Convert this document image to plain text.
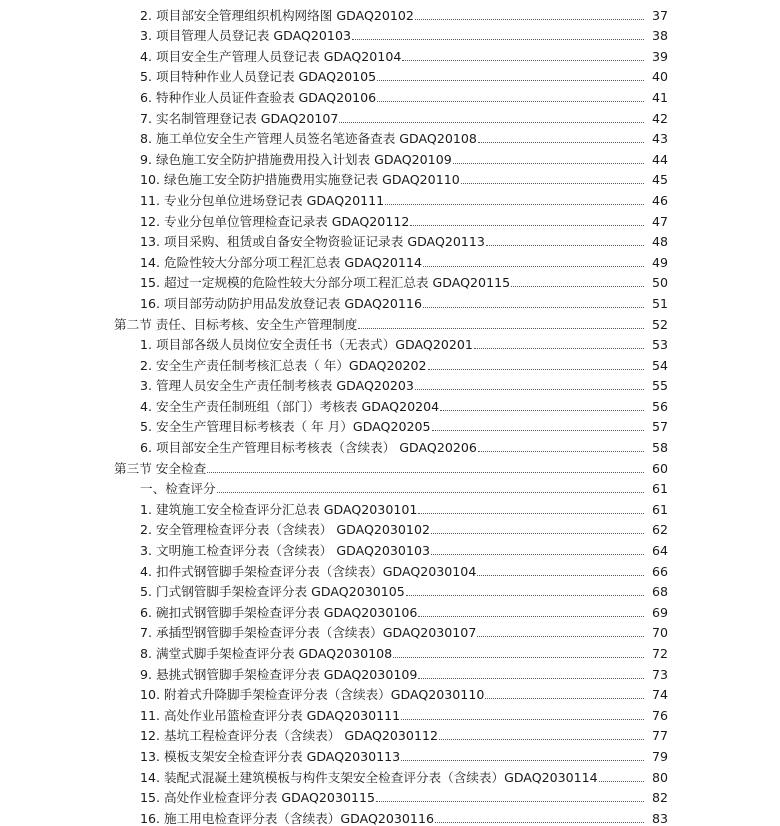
2. 项目部安全管理组织机构网络图 GDAQ20102	37
3. 项目管理人员登记表 GDAQ20103	38
4. 项目安全生产管理人员登记表 GDAQ20104	39
5. 项目特种作业人员登记表 GDAQ20105	40
6. 特种作业人员证件查验表 GDAQ20106	41
7. 实名制管理登记表 GDAQ20107	42
8. 施工单位安全生产管理人员签名笔迹备查表 GDAQ20108	43
9. 绿色施工安全防护措施费用投入计划表 GDAQ20109	44
10. 绿色施工安全防护措施费用实施登记表 GDAQ20110	45
11. 专业分包单位进场登记表 GDAQ20111	46
12. 专业分包单位管理检查记录表 GDAQ20112	47
13. 项目采购、租赁或自备安全物资验证记录表 GDAQ20113	48
14. 危险性较大分部分项工程汇总表 GDAQ20114	49
15. 超过一定规模的危险性较大分部分项工程汇总表 GDAQ20115	50
16. 项目部劳动防护用品发放登记表 GDAQ20116	51
第二节 责任、目标考核、安全生产管理制度	52
1. 项目部各级人员岗位安全责任书（无表式）GDAQ20201	53
2. 安全生产责任制考核汇总表（ 年）GDAQ20202	54
3. 管理人员安全生产责任制考核表 GDAQ20203	55
4. 安全生产责任制班组（部门）考核表 GDAQ20204	56
5. 安全生产管理目标考核表（ 年 月）GDAQ20205	57
6. 项目部安全生产管理目标考核表（含续表） GDAQ20206	58
第三节 安全检查	60
一、检查评分	61
1. 建筑施工安全检查评分汇总表 GDAQ2030101	61
2. 安全管理检查评分表（含续表） GDAQ2030102	62
3. 文明施工检查评分表（含续表） GDAQ2030103	64
4. 扣件式钢管脚手架检查评分表（含续表）GDAQ2030104	66
5. 门式钢管脚手架检查评分表 GDAQ2030105	68
6. 碗扣式钢管脚手架检查评分表 GDAQ2030106	69
7. 承插型钢管脚手架检查评分表（含续表）GDAQ2030107	70
8. 满堂式脚手架检查评分表 GDAQ2030108	72
9. 悬挑式钢管脚手架检查评分表 GDAQ2030109	73
10. 附着式升降脚手架检查评分表（含续表）GDAQ2030110	74
11. 高处作业吊篮检查评分表 GDAQ2030111	76
12. 基坑工程检查评分表（含续表） GDAQ2030112	77
13. 模板支架安全检查评分表 GDAQ2030113	79
14. 装配式混凝土建筑模板与构件支架安全检查评分表（含续表）GDAQ2030114	80
15. 高处作业检查评分表 GDAQ2030115	82
16. 施工用电检查评分表（含续表）GDAQ2030116	83
